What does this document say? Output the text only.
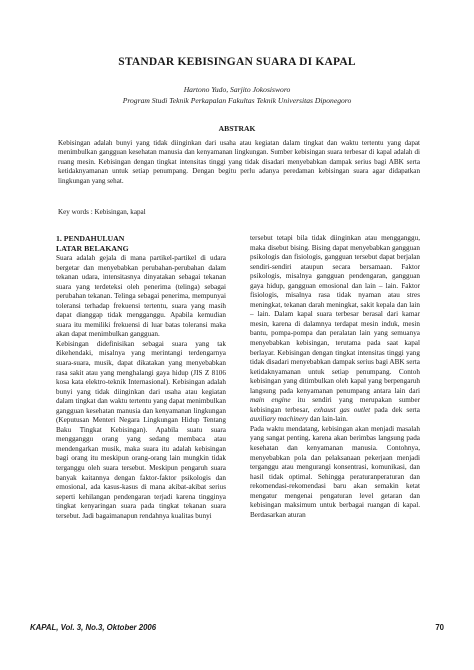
STANDAR KEBISINGAN SUARA DI KAPAL
Hartono Yudo, Sarjito Jokosisworo
Program Studi Teknik Perkapalan Fakultas Teknik Universitas Diponegoro
ABSTRAK
Kebisingan adalah bunyi yang tidak diinginkan dari usaha atau kegiatan dalam tingkat dan waktu tertentu yang dapat menimbulkan gangguan kesehatan manusia dan kenyamanan lingkungan. Sumber kebisingan suara terbesar di kapal adalah di ruang mesin. Kebisingan dengan tingkat intensitas tinggi yang tidak disadari menyebabkan dampak serius bagi ABK serta ketidaknyamanan untuk setiap penumpang. Dengan begitu perlu adanya peredaman kebisingan suara agar didapatkan lingkungan yang sehat.
Key words : Kebisingan, kapal
1. PENDAHULUAN
LATAR BELAKANG

Suara adalah gejala di mana partikel-partikel di udara bergetar dan menyebabkan perubahan-perubahan dalam tekanan udara, intensitasnya dinyatakan sebagai tekanan suara yang terdeteksi oleh penerima (telinga) sebagai perubahan tekanan. Telinga sebagai penerima, mempunyai toleransi terhadap frekuensi tertentu, suara yang masih dapat dianggap tidak mengganggu. Apabila kemudian suara itu memiliki frekuensi di luar batas toleransi maka akan dapat menimbulkan gangguan.

Kebisingan didefinisikan sebagai suara yang tak dikehendaki, misalnya yang merintangi terdengarnya suara-suara, musik, dapat dikatakan yang menyebabkan rasa sakit atau yang menghalangi gaya hidup (JIS Z 8106 kosa kata elektro-teknik Internasional). Kebisingan adalah bunyi yang tidak diinginkan dari usaha atau kegiatan dalam tingkat dan waktu tertentu yang dapat menimbulkan gangguan kesehatan manusia dan kenyamanan lingkungan (Keputusan Menteri Negara Lingkungan Hidup Tentang Baku Tingkat Kebisingan). Apabila suatu suara mengganggu orang yang sedang membaca atau mendengarkan musik, maka suara itu adalah kebisingan bagi orang itu meskipun orang-orang lain mungkin tidak terganggu oleh suara tersebut. Meskipun pengaruh suara banyak kaitannya dengan faktor-faktor psikologis dan emosional, ada kasus-kasus di mana akibat-akibat serius seperti kehilangan pendengaran terjadi karena tingginya tingkat kenyaringan suara pada tingkat tekanan suara tersebut. Jadi bagaimanapun rendahnya kualitas bunyi

tersebut tetapi bila tidak diinginkan atau mengganggu, maka disebut bising. Bising dapat menyebabkan gangguan psikologis dan fisiologis, gangguan tersebut dapat berjalan sendiri-sendiri ataupun secara bersamaan. Faktor psikologis, misalnya gangguan pendengaran, gangguan gaya hidup, gangguan emosional dan lain – lain. Faktor fisiologis, misalnya rasa tidak nyaman atau stres meningkat, tekanan darah meningkat, sakit kepala dan lain – lain. Dalam kapal suara terbesar berasal dari kamar mesin, karena di dalamnya terdapat mesin induk, mesin bantu, pompa-pompa dan peralatan lain yang semuanya menyebabkan kebisingan, terutama pada saat kapal berlayar. Kebisingan dengan tingkat intensitas tinggi yang tidak disadari menyebabkan dampak serius bagi ABK serta ketidaknyamanan untuk setiap penumpang. Contoh kebisingan yang ditimbulkan oleh kapal yang berpengaruh langsung pada kenyamanan penumpang antara lain dari main engine itu sendiri yang merupakan sumber kebisingan terbesar, exhaust gas outlet pada dek serta auxiliary machinery dan lain-lain.

Pada waktu mendatang, kebisingan akan menjadi masalah yang sangat penting, karena akan berimbas langsung pada kesehatan dan kenyamanan manusia. Contohnya, menyebabkan pola dan pelaksanaan pekerjaan menjadi terganggu atau mengurangi konsentrasi, komunikasi, dan hasil tidak optimal. Sehingga peraturanperaturan dan rekomendasi-rekomendasi baru akan semakin ketat mengatur mengenai pengaturan level getaran dan kebisingan maksimum untuk berbagai ruangan di kapal. Berdasarkan aturan

KAPAL, Vol. 3, No.3, Oktober 2006	70
